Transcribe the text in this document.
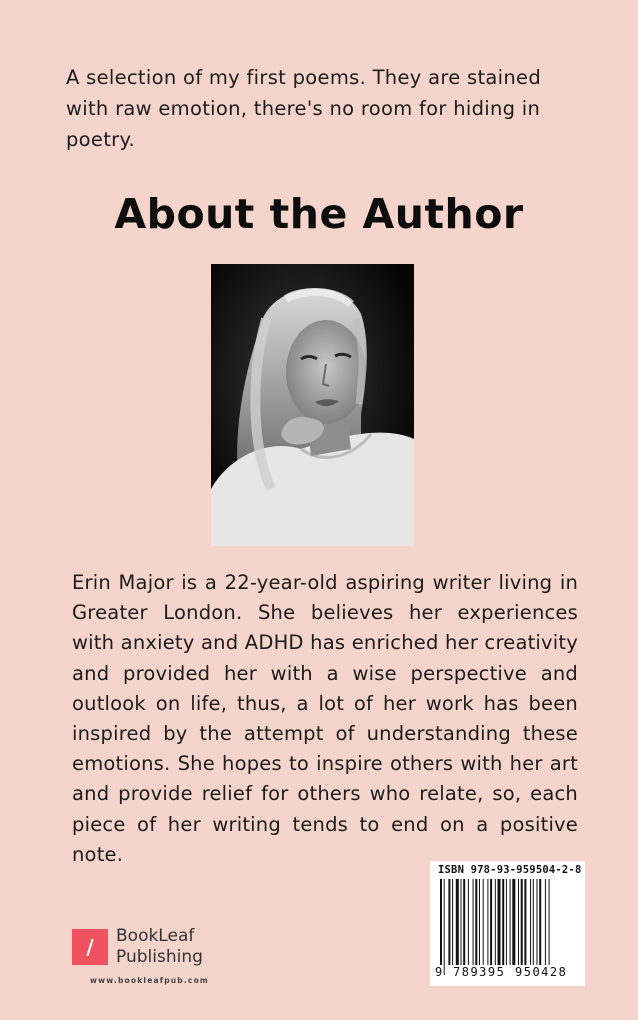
A selection of my first poems. They are stained with raw emotion, there's no room for hiding in poetry.

About the Author

Erin Major is a 22-year-old aspiring writer living in Greater London. She believes her experiences with anxiety and ADHD has enriched her creativity and provided her with a wise perspective and outlook on life, thus, a lot of her work has been inspired by the attempt of understanding these emotions. She hopes to inspire others with her art and provide relief for others who relate, so, each piece of her writing tends to end on a positive note.

/	BookLeaf
Publishing
www.bookleafpub.com
ISBN 978-93-959504-2-8
9 789395 950428
